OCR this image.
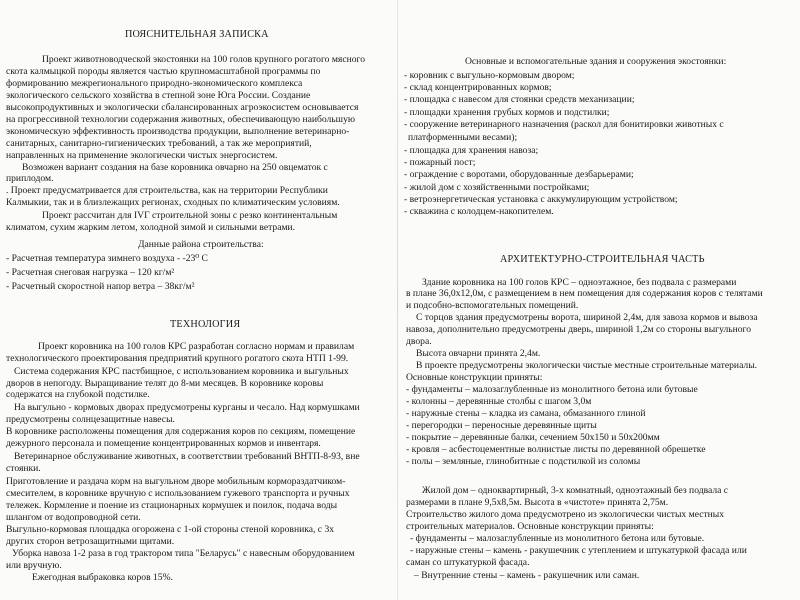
ПОЯСНИТЕЛЬНАЯ ЗАПИСКА
Проект животноводческой экостоянки на 100 голов крупного рогатого мясного
скота калмыцкой породы является частью крупномасштабной программы по
формированию межрегионального природно-экономического комплекса
экологического сельского хозяйства в степной зоне Юга России. Создание
высокопродуктивных и экологически сбалансированных агроэкосистем основывается
на прогрессивной технологии содержания животных, обеспечивающую наибольшую
экономическую эффективность производства продукции, выполнение ветеринарно-
санитарных, санитарно-гигиенических требований, а так же мероприятий,
направленных на применение экологически чистых энергосистем.
Возможен вариант создания на базе коровника овчарно на 250 овцематок с
приплодом.
. Проект предусматривается для строительства, как на территории Республики
Калмыкии, так и в близлежащих регионах, сходных по климатическим условиям.
Проект рассчитан для IVГ строительной зоны с резко континентальным
климатом, сухим жарким летом, холодной зимой и сильными ветрами.
Данные района строительства:
- Расчетная температура зимнего воздуха - -23⁰ С
- Расчетная снеговая нагрузка – 120 кг/м²
- Расчетный скоростной напор ветра – 38кг/м²
ТЕХНОЛОГИЯ
Проект коровника на 100 голов КРС разработан согласно нормам и правилам
технологического проектирования предприятий крупного рогатого скота НТП 1-99.
Система содержания КРС пастбищное, с использованием коровника и выгульных
дворов в непогоду. Выращивание телят до 8-ми месяцев. В коровнике коровы
содержатся на глубокой подстилке.
На выгульно - кормовых дворах предусмотрены курганы и чесало. Над кормушками
предусмотрены солнцезащитные навесы.
В коровнике расположены помещения для содержания коров по секциям, помещение
дежурного персонала и помещение концентрированных кормов и инвентаря.
Ветеринарное обслуживание животных, в соответствии требований ВНТП-8-93, вне
стоянки.
Приготовление и раздача корм на выгульном дворе мобильным кормораздатчиком-
смесителем, в коровнике вручную с использованием гужевого транспорта и ручных
тележек. Кормление и поение из стационарных кормушек и поилок, подача воды
шлангом от водопроводной сети.
Выгульно-кормовая площадка огорожена с 1-ой стороны стеной коровника, с 3х
других сторон ветрозащитными щитами.
Уборка навоза 1-2 раза в год трактором типа "Беларусь" с навесным оборудованием
или вручную.
Ежегодная выбраковка коров 15%.
Основные и вспомогательные здания и сооружения экостоянки:
- коровник с выгульно-кормовым двором;
- склад концентрированных кормов;
- площадка с навесом для стоянки средств механизации;
- площадки хранения грубых кормов и подстилки;
- сооружение ветеринарного назначения (раскол для бонитировки животных с
платформенными весами);
- площадка для хранения навоза;
- пожарный пост;
- ограждение с воротами, оборудованные дезбарьерами;
- жилой дом с хозяйственными постройками;
- ветроэнергетическая установка с аккумулирующим устройством;
- скважина с колодцем-накопителем.
АРХИТЕКТУРНО-СТРОИТЕЛЬНАЯ ЧАСТЬ
Здание коровника на 100 голов КРС – одноэтажное, без подвала с размерами
в плане 36,0х12,0м, с размещением в нем помещения для содержания коров с телятами
и подсобно-вспомогательных помещений.
С торцов здания предусмотрены ворота, шириной 2,4м, для завоза кормов и вывоза
навоза, дополнительно предусмотрены дверь, шириной 1,2м со стороны выгульного
двора.
Высота овчарни принята 2,4м.
В проекте предусмотрены экологически чистые местные строительные материалы.
Основные конструкции приняты:
- фундаменты – малозаглубленные из монолитного бетона или бутовые
- колонны – деревянные столбы с шагом 3,0м
- наружные стены – кладка из самана, обмазанного глиной
- перегородки – переносные деревянные щиты
- покрытие – деревянные балки, сечением 50х150 и 50х200мм
- кровля – асбестоцементные волнистые листы по деревянной обрешетке
- полы – земляные, глинобитные с подстилкой из соломы
Жилой дом – одноквартирный, 3-х комнатный, одноэтажный без подвала с
размерами в плане 9,5х8,5м. Высота в «чистоте» принята 2,75м.
Строительство жилого дома предусмотрено из экологически чистых местных
строительных материалов. Основные конструкции приняты:
- фундаменты – малозаглубленные из монолитного бетона или бутовые.
- наружные стены – камень - ракушечник с утеплением и штукатуркой фасада или
саман со штукатуркой фасада.
– Внутренние стены – камень - ракушечник или саман.
